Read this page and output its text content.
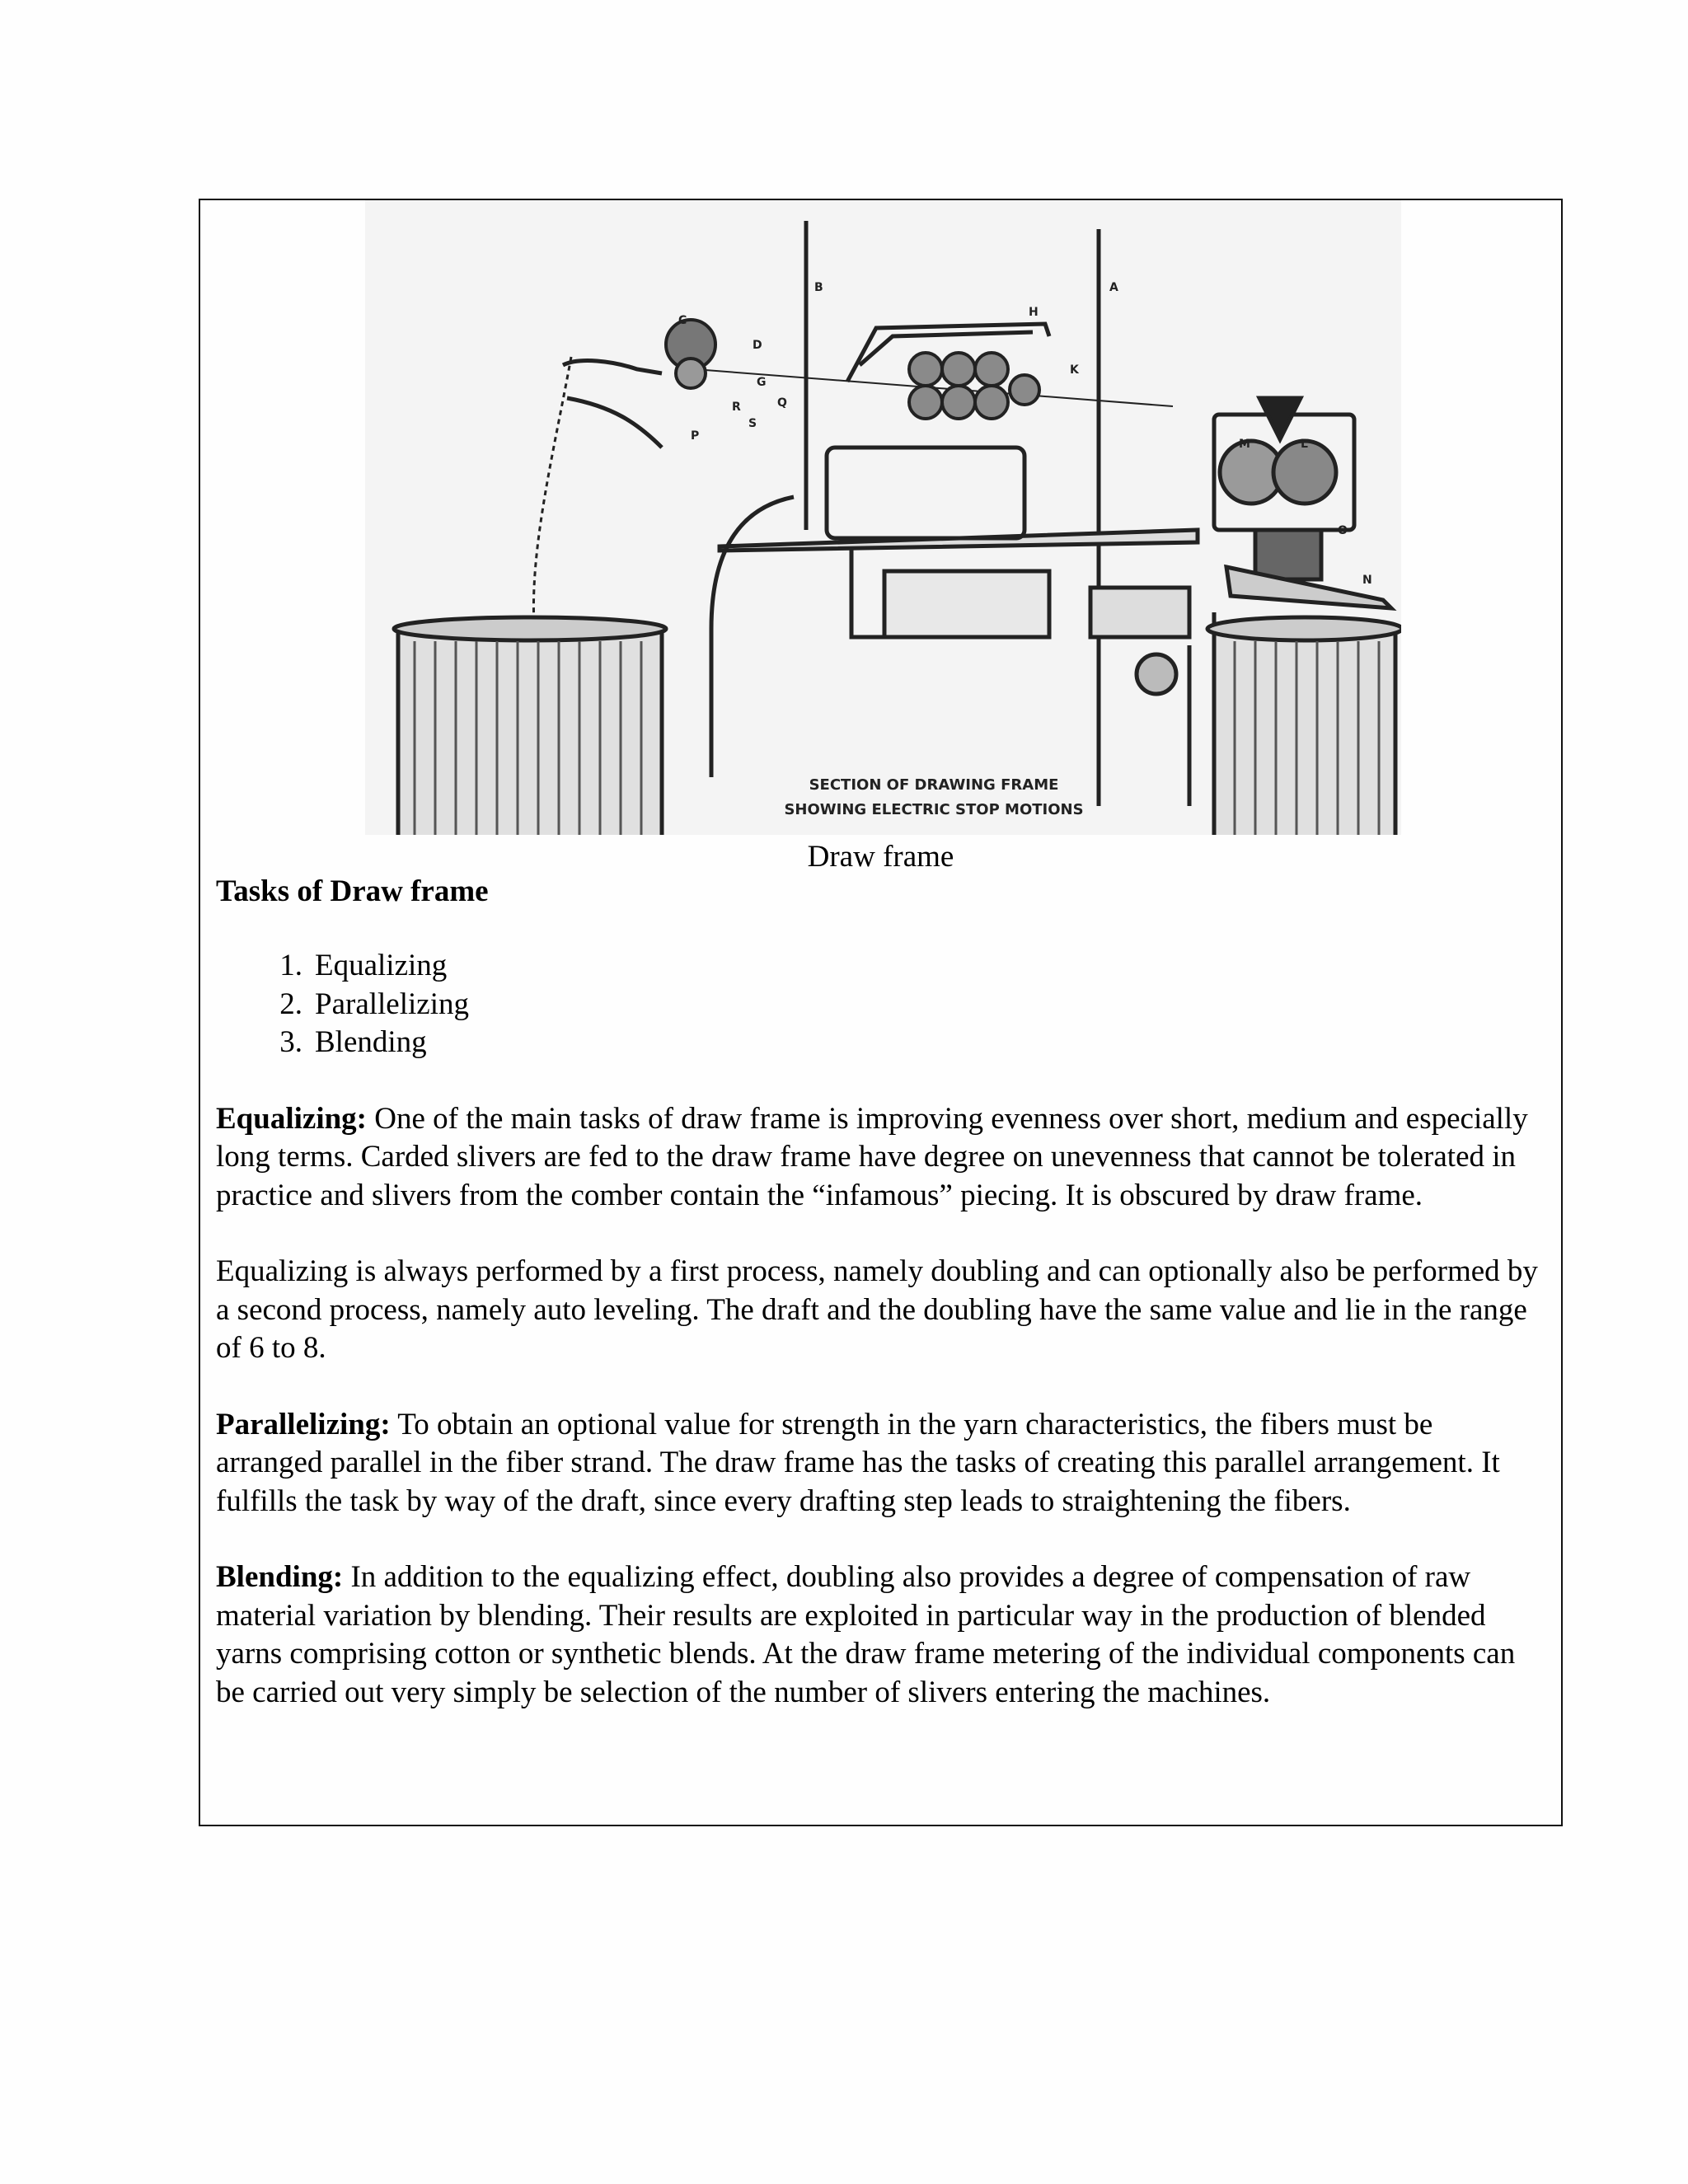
B	A
C
D
G
H
K
L
M
N
O
P
Q
R
S
SECTION OF DRAWING FRAME
SHOWING ELECTRIC STOP MOTIONS
Draw frame
Tasks of Draw frame
1. Equalizing
2. Parallelizing
3. Blending

Equalizing: One of the main tasks of draw frame is improving evenness over short, medium and especially long terms. Carded slivers are fed to the draw frame have degree on unevenness that cannot be tolerated in practice and slivers from the comber contain the “infamous” piecing. It is obscured by draw frame.

Equalizing is always performed by a first process, namely doubling and can optionally also be performed by a second process, namely auto leveling. The draft and the doubling have the same value and lie in the range of 6 to 8.

Parallelizing: To obtain an optional value for strength in the yarn characteristics, the fibers must be arranged parallel in the fiber strand. The draw frame has the tasks of creating this parallel arrangement. It fulfills the task by way of the draft, since every drafting step leads to straightening the fibers.

Blending: In addition to the equalizing effect, doubling also provides a degree of compensation of raw material variation by blending. Their results are exploited in particular way in the production of blended yarns comprising cotton or synthetic blends. At the draw frame metering of the individual components can be carried out very simply be selection of the number of slivers entering the machines.
